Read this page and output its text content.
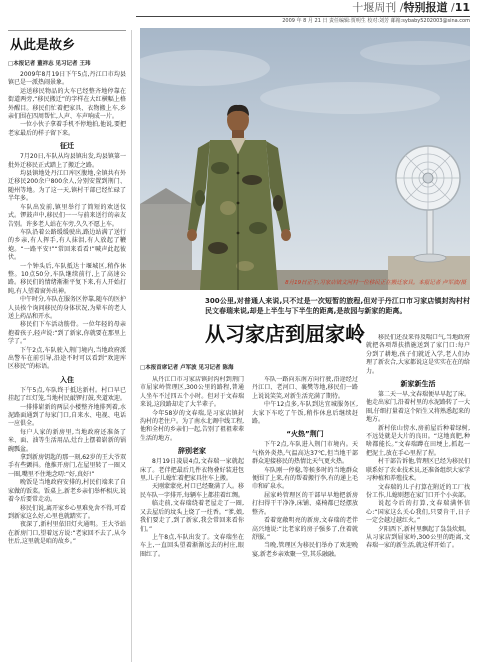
十堰周刊 /特别报道 /11
2009 年 8 月 21 日 责任编辑:贾明生 校对:刘芳 邮箱:sybaby5202003@sina.com
从此是故乡
□本报记者 董祥志 见习记者 王玮

2009年8月19日下午5点,丹江口市均县镇已是一派热闹景象。

运送移民物品的大车已经整齐地停靠在街道两旁,“移民搬迁”的字样在大红横幅上格外醒目。移民们忙着把家具、衣物搬上车,乡亲们围在四周帮忙,人声、车声响成一片。

一位小伙子拿着手机不停地拍,他说,要把老家最后的样子留下来。

征迁

7月20日,车队从均县镇出发,均县镇第一批外迁移民正式踏上了搬迁之路。

均县镇地处丹江口库区腹地,全镇共有外迁移民200余户800余人,分别安置到荆门、随州等地。为了这一天,镇村干部已经忙碌了半年多。

车队出发前,镇里举行了简短的欢送仪式。锣鼓声中,移民们一一与前来送行的亲友告别。许多老人站在车旁,久久不愿上车。

车队沿着公路缓缓驶出,路边站满了送行的乡亲,有人挥手,有人抹泪,有人放起了鞭炮。“一路平安!”“常回来看看!”喊声此起彼伏。

一个钟头后,车队抵达十堰城区,稍作休整。10点50分,车队继续前行,上了高速公路。移民们的情绪渐渐平复下来,有人开始打盹,有人望着窗外出神。

中午时分,车队在服务区停靠,随车的医护人员挨个询问移民的身体状况,为晕车的老人送上药品和开水。

移民们下车活动筋骨。一位年轻的母亲抱着孩子,轻声说:“到了新家,你就要在那里上学了。”

下午2点,车队驶入荆门境内,当地政府派出警车在前引导,沿途不时可以看到“欢迎库区移民”的标语。

入住

下午5点,车队终于抵达新村。村口早已挂起了红灯笼,当地村民敲锣打鼓,夹道欢迎。

一排排崭新的两层小楼整齐地排列着,水泥路面通到了每家门口,自来水、电视、电话一应俱全。

每户人家的新房里,当地政府还准备了米、面、油等生活用品,灶台上摆着崭新的锅碗瓢盆。

拿到新房钥匙的那一刻,62岁的王大爷双手有些颤抖。他推开房门,在屋里转了一圈又一圈,嘴里不住地念叨:“好,真好!”

晚饭是当地政府安排的,村民们端来了自家做的饭菜。饭桌上,新老乡亲们举杯相庆,说着今后要常走动。

移民们说,离开家乡心里难免舍不得,可看到新家这么好,心里也就踏实了。

夜深了,新村里依旧灯火通明。王大爷站在新房门口,望着远方说:“老家回不去了,从今往后,这里就是咱的故乡。”

8月19日正午,习家店镇文河村一位移民正在搬迁家具。本报记者 卢军波/摄
300公里,对普通人来说,只不过是一次短暂的旅程,但对于丹江口市习家店镇封沟村村民文春瑞来说,却是上半生与下半生的距离,是故园与新家的距离。
从习家店到屈家岭
□本报首席记者 卢军波 见习记者 陈海

从丹江口市习家店镇封沟村到荆门市屈家岭管理区,300公里的路程,普通人坐车不过四五个小时。但对于文春瑞来说,这段路却走了大半辈子。

今年58岁的文春瑞,是习家店镇封沟村的老住户。为了南水北调中线工程,他和全村的乡亲们一起,告别了祖祖辈辈生活的地方。

辞别老家

8月19日凌晨4点,文春瑞一家就起床了。老伴把最后几件衣物叠好装进包里,儿子儿媳忙着把家具往车上搬。

天刚蒙蒙亮,村口已经聚满了人。移民车队一字排开,每辆车上都挂着红绸。

临走前,文春瑞绕着老屋走了一圈,又去屋后的坟头上烧了一炷香。“爹,娘,我们要走了,到了新家,我会常回来看你们。”

上午8点,车队出发了。文春瑞坐在车上,一直回头望着渐渐远去的村庄,眼圈红了。

车队一路向东南方向行驶,沿途经过丹江口、老河口、襄樊等地,移民们一路上说说笑笑,对新生活充满了期待。

中午12点多,车队到达宜城服务区,大家下车吃了午饭,稍作休息后继续赶路。

“火热”荆门

下午2点,车队进入荆门市境内。天气格外炎热,气温高达37℃,但当地干部群众迎接移民的热情比天气更火热。

车队刚一停稳,等候多时的当地群众便围了上来,有的帮着搬行李,有的递上毛巾和矿泉水。

屈家岭管理区的干部早早地把新房打扫得干干净净,床铺、桌椅都已经摆放整齐。

看着宽敞明亮的新房,文春瑞的老伴高兴地说:“比老家的房子强多了,住着就舒服。”

当晚,管理区为移民们举办了欢迎晚宴,新老乡亲欢聚一堂,其乐融融。

移民们还没来得及喘口气,当地政府就把各项帮扶措施送到了家门口:每户分到了耕地,孩子们就近入学,老人们办理了新农合,大家都说这是实实在在的给力。

新家新生活

第二天一早,文春瑞便早早起了床。他走出家门,沿着村里的水泥路转了一大圈,仔细打量着这个陌生又将熟悉起来的地方。

新村依山傍水,房前屋后种着绿树,不远处就是大片的良田。“这地真肥,种啥都能长。”文春瑞蹲在田埂上,抓起一把泥土,放在手心里捏了捏。

村干部告诉他,管理区已经为移民们联系好了农业技术员,还准备组织大家学习种植和养殖技术。

文春瑞的儿子打算在附近的工厂找份工作,儿媳则想在家门口开个小卖部。

说起今后的打算,文春瑞满怀信心:“国家这么关心我们,只要肯干,日子一定会越过越红火。”

夕阳西下,新村里飘起了袅袅炊烟。从习家店到屈家岭,300公里的距离,文春瑞一家的新生活,就这样开始了。
